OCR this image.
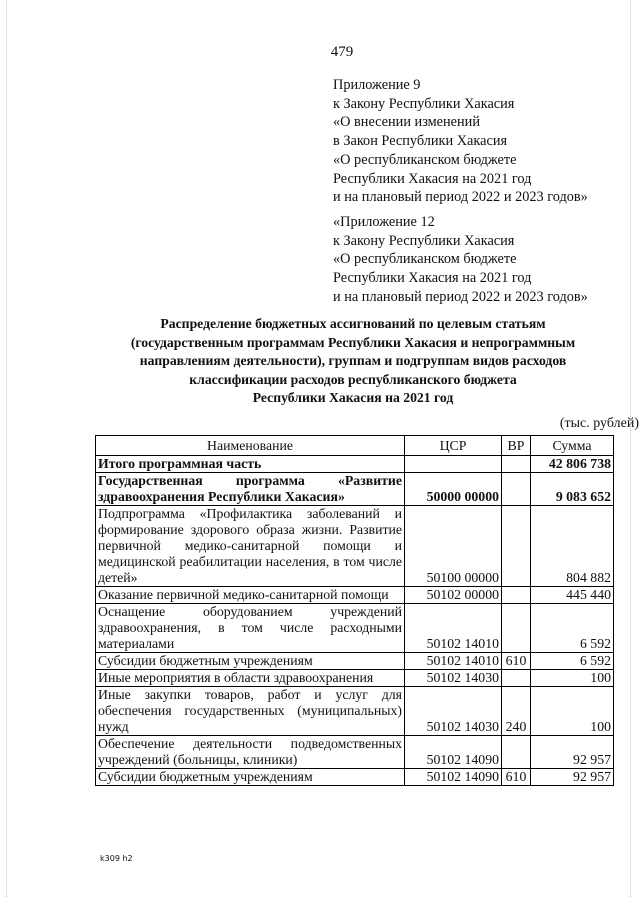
479
Приложение 9
к Закону Республики Хакасия
«О внесении изменений
в Закон Республики Хакасия
«О республиканском бюджете
Республики Хакасия на 2021 год
и на плановый период 2022 и 2023 годов»
«Приложение 12
к Закону Республики Хакасия
«О республиканском бюджете
Республики Хакасия на 2021 год
и на плановый период 2022 и 2023 годов»
Распределение бюджетных ассигнований по целевым статьям
(государственным программам Республики Хакасия и непрограммным
направлениям деятельности), группам и подгруппам видов расходов
классификации расходов республиканского бюджета
Республики Хакасия на 2021 год
(тыс. рублей)
Наименование	ЦСР	ВР	Сумма
Итого программная часть			42 806 738
Государственная программа «Развитие здравоохранения Республики Хакасия»	50000 00000		9 083 652
Подпрограмма «Профилактика заболеваний и формирование здорового образа жизни. Развитие первичной медико-санитарной помощи и медицинской реабилитации населения, в том числе детей»	50100 00000		804 882
Оказание первичной медико-санитарной помощи	50102 00000		445 440
Оснащение оборудованием учреждений здравоохранения, в том числе расходными материалами	50102 14010		6 592
Субсидии бюджетным учреждениям	50102 14010	610	6 592
Иные мероприятия в области здравоохранения	50102 14030		100
Иные закупки товаров, работ и услуг для обеспечения государственных (муниципальных) нужд	50102 14030	240	100
Обеспечение деятельности подведомственных учреждений (больницы, клиники)	50102 14090		92 957
Субсидии бюджетным учреждениям	50102 14090	610	92 957
k309 h2
